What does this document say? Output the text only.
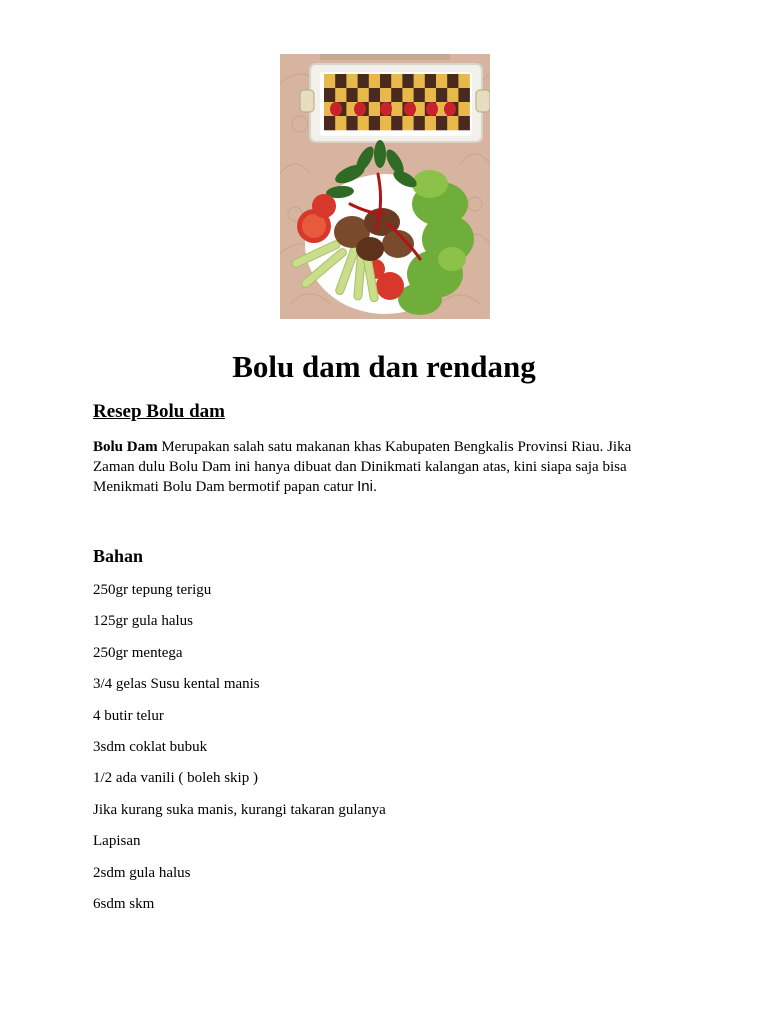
Bolu dam dan rendang
Resep Bolu dam

Bolu Dam Merupakan salah satu makanan khas Kabupaten Bengkalis Provinsi Riau. Jika

Zaman dulu Bolu Dam ini hanya dibuat dan Dinikmati kalangan atas, kini siapa saja bisa

Menikmati Bolu Dam bermotif papan catur Ini.

Bahan
250gr tepung terigu
125gr gula halus
250gr mentega
3/4 gelas Susu kental manis
4 butir telur
3sdm coklat bubuk
1/2 ada vanili ( boleh skip )
Jika kurang suka manis, kurangi takaran gulanya
Lapisan
2sdm gula halus
6sdm skm
